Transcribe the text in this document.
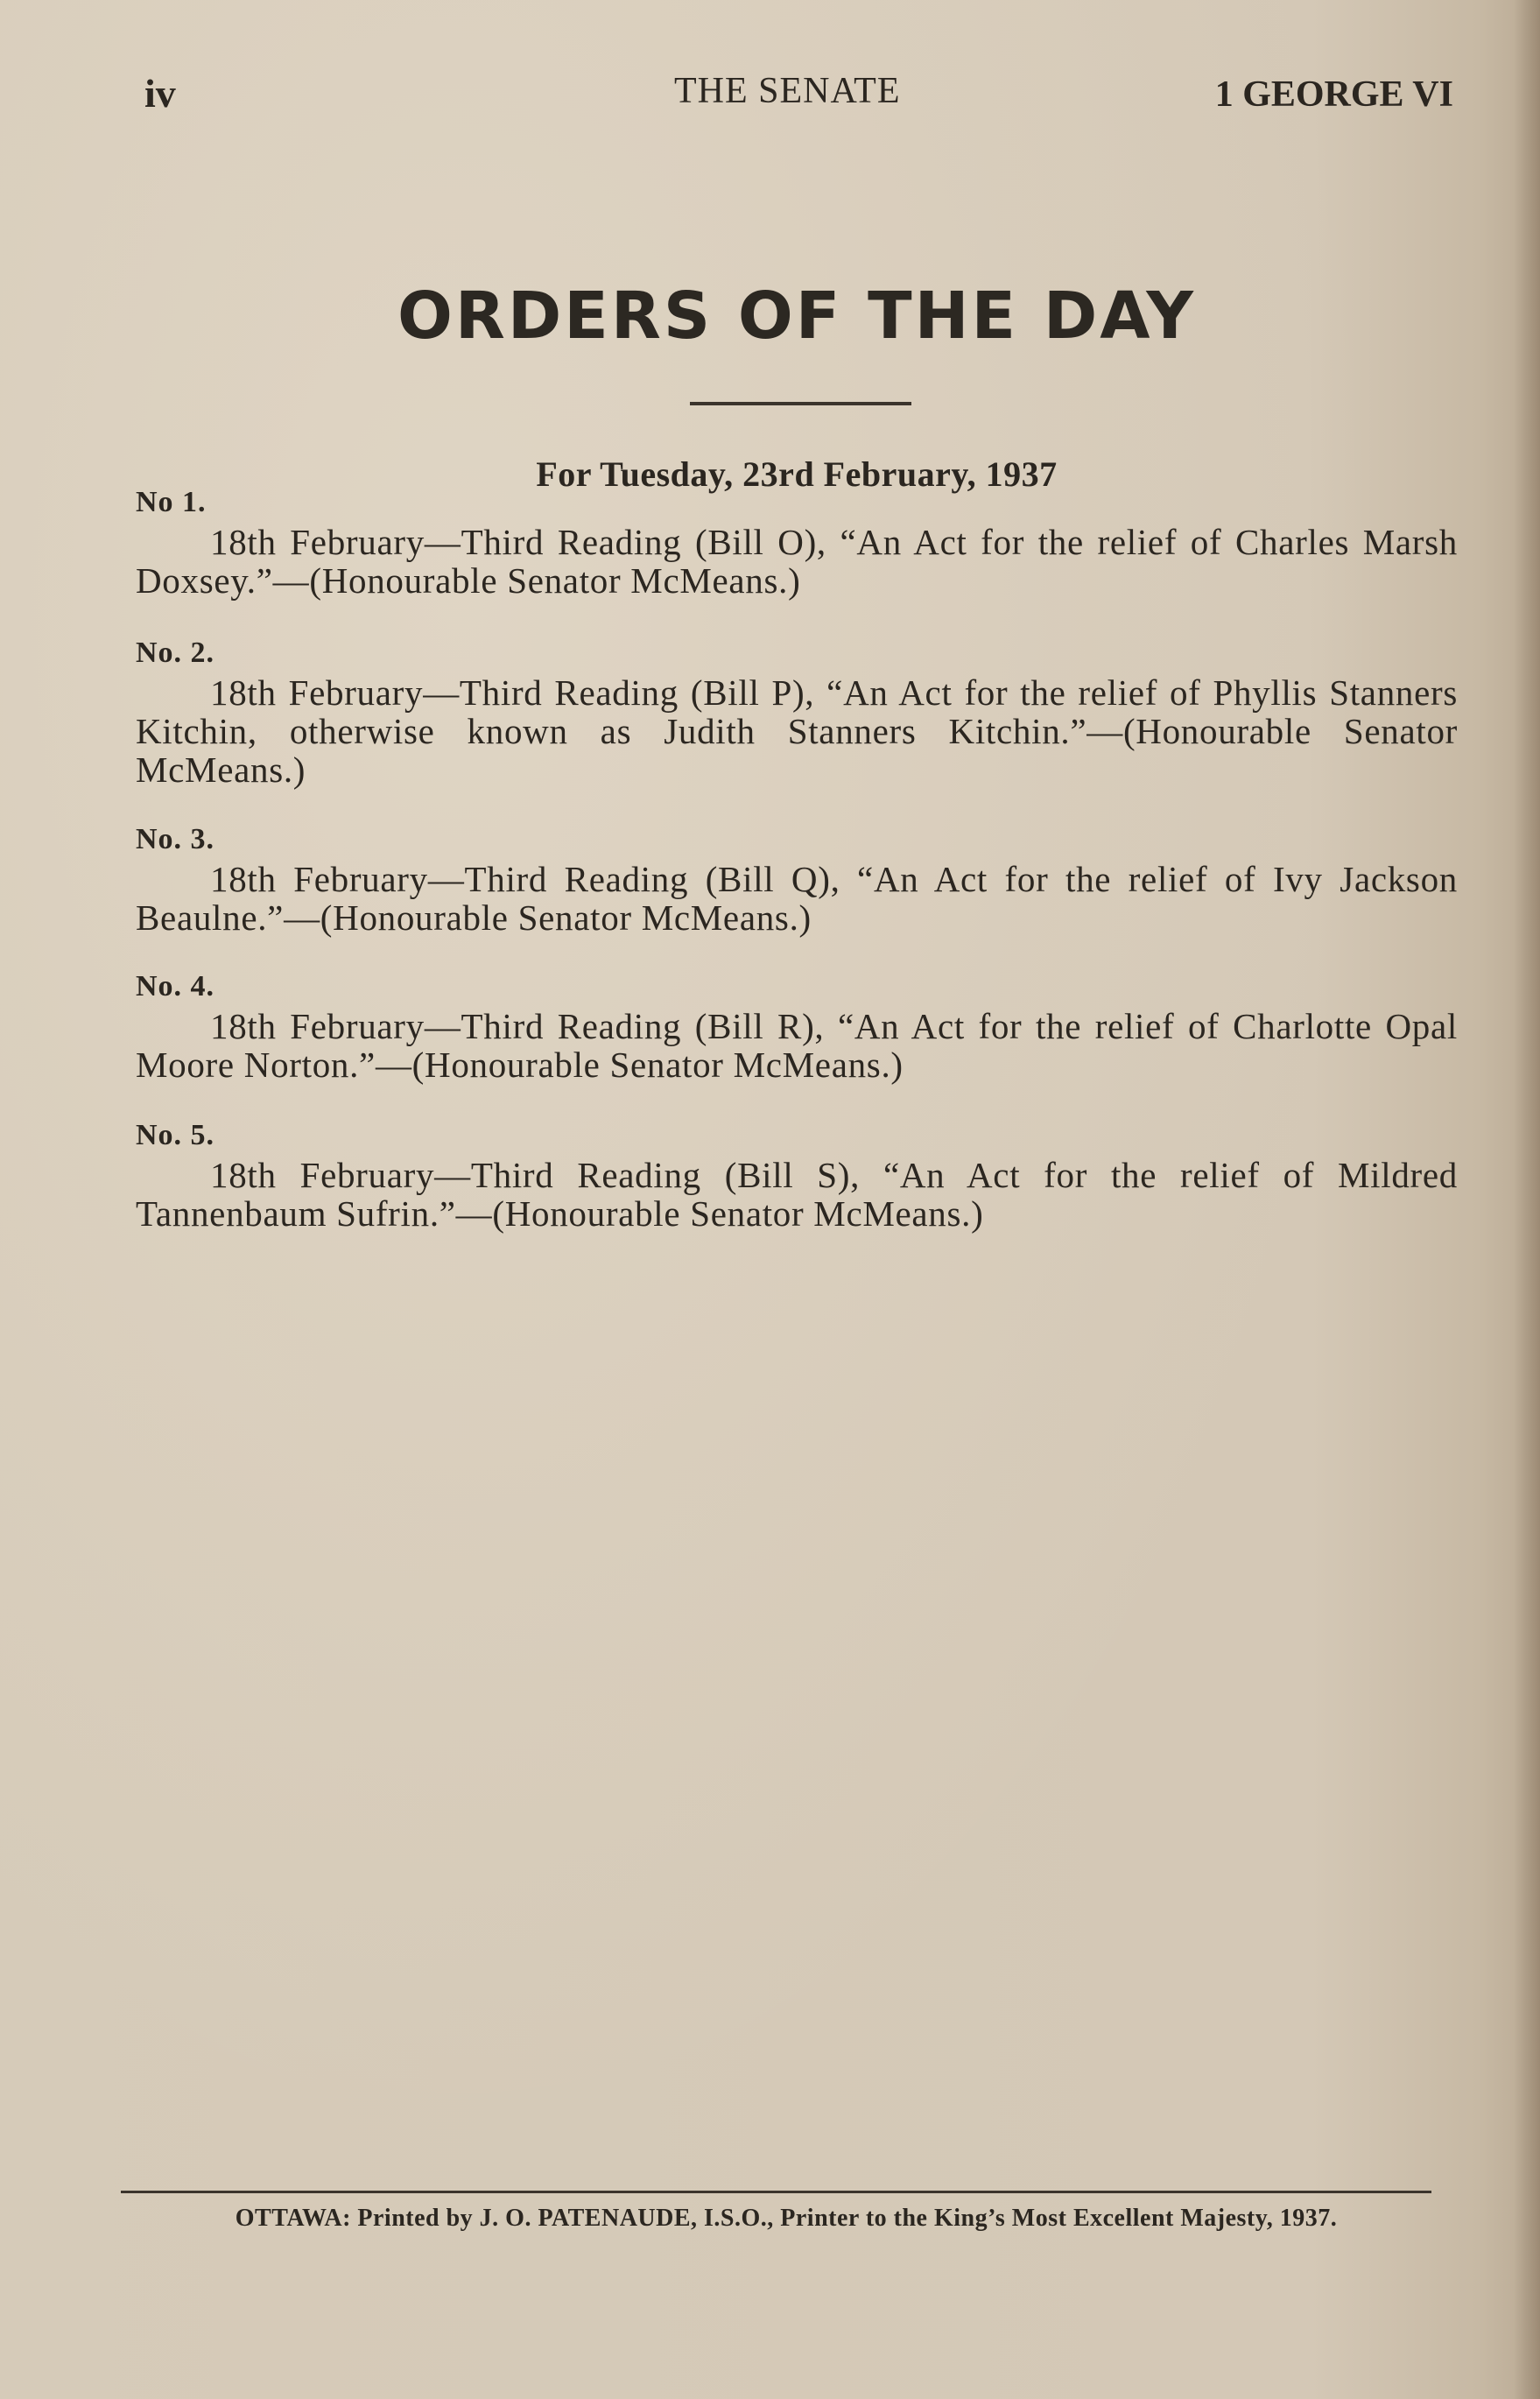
iv	THE SENATE	1 GEORGE VI
ORDERS OF THE DAY
For Tuesday, 23rd February, 1937
No 1.

18th February—Third Reading (Bill O), “An Act for the relief of Charles Marsh Doxsey.”—(Honourable Senator McMeans.)

No. 2.

18th February—Third Reading (Bill P), “An Act for the relief of Phyllis Stanners Kitchin, otherwise known as Judith Stanners Kitchin.”—(Honourable Senator McMeans.)

No. 3.

18th February—Third Reading (Bill Q), “An Act for the relief of Ivy Jackson Beaulne.”—(Honourable Senator McMeans.)

No. 4.

18th February—Third Reading (Bill R), “An Act for the relief of Charlotte Opal Moore Norton.”—(Honourable Senator McMeans.)

No. 5.

18th February—Third Reading (Bill S), “An Act for the relief of Mildred Tannenbaum Sufrin.”—(Honourable Senator McMeans.)

OTTAWA: Printed by J. O. PATENAUDE, I.S.O., Printer to the King’s Most Excellent Majesty, 1937.
